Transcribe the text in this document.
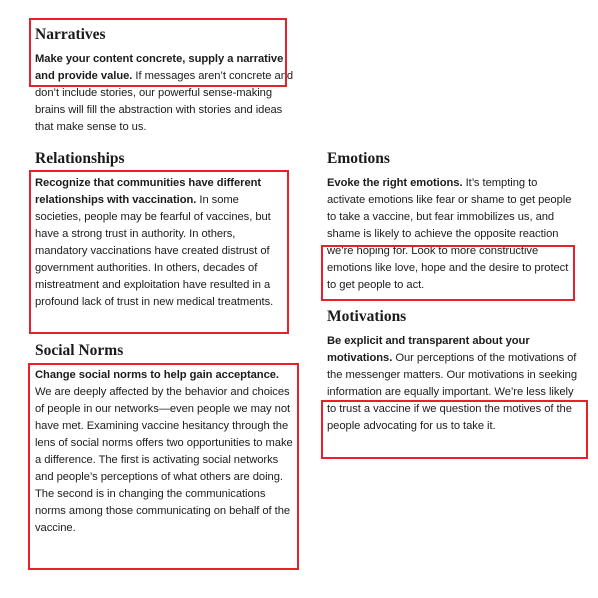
Narratives

Make your content concrete, supply a narrative and provide value. If messages aren’t concrete and don’t include stories, our powerful sense-making brains will fill the abstraction with stories and ideas that make sense to us.

Relationships

Recognize that communities have different relationships with vaccination. In some societies, people may be fearful of vaccines, but have a strong trust in authority. In others, mandatory vaccinations have created distrust of government authorities. In others, decades of mistreatment and exploitation have resulted in a profound lack of trust in new medical treatments.

Social Norms

Change social norms to help gain acceptance. We are deeply affected by the behavior and choices of people in our networks—even people we may not have met. Examining vaccine hesitancy through the lens of social norms offers two opportunities to make a difference. The first is activating social networks and people’s perceptions of what others are doing. The second is in changing the communications norms among those communicating on behalf of the vaccine.

Emotions

Evoke the right emotions. It’s tempting to activate emotions like fear or shame to get people to take a vaccine, but fear immobilizes us, and shame is likely to achieve the opposite reaction we’re hoping for. Look to more constructive emotions like love, hope and the desire to protect to get people to act.

Motivations

Be explicit and transparent about your motivations. Our perceptions of the motivations of the messenger matters. Our motivations in seeking information are equally important. We’re less likely to trust a vaccine if we question the motives of the people advocating for us to take it.
